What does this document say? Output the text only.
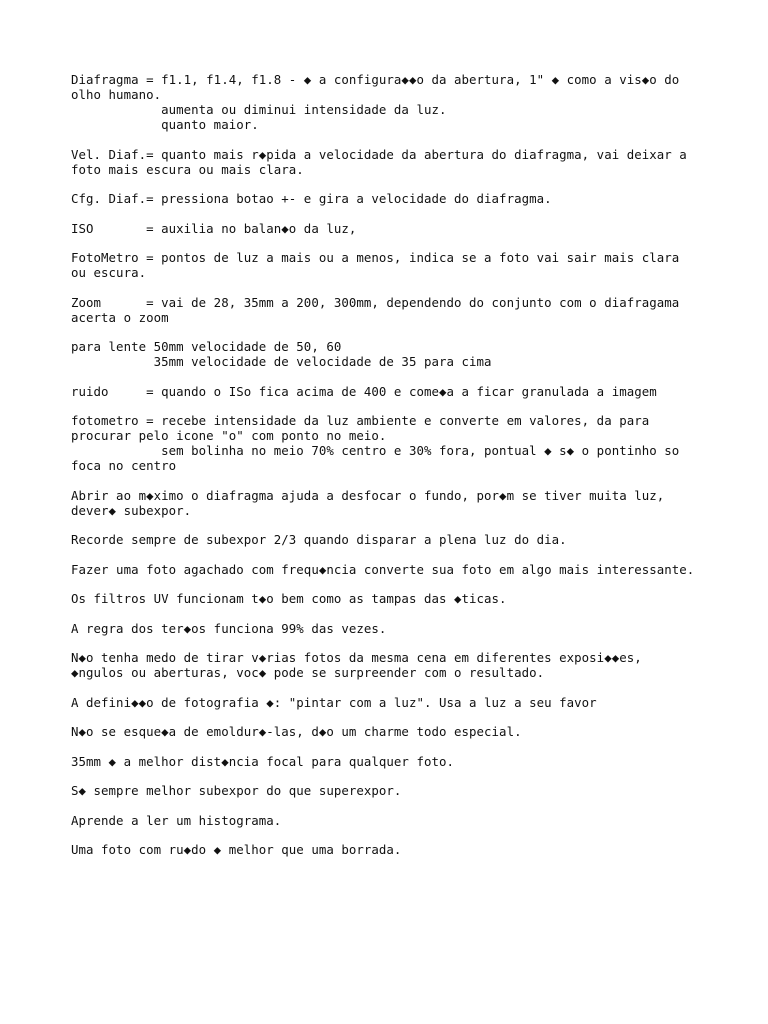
Diafragma = f1.1, f1.4, f1.8 - ◆ a configura◆◆o da abertura, 1" ◆ como a vis◆o do
olho humano.
aumenta ou diminui intensidade da luz.
quanto maior.
Vel. Diaf.= quanto mais r◆pida a velocidade da abertura do diafragma, vai deixar a
foto mais escura ou mais clara.
Cfg. Diaf.= pressiona botao +- e gira a velocidade do diafragma.
ISO       = auxilia no balan◆o da luz,
FotoMetro = pontos de luz a mais ou a menos, indica se a foto vai sair mais clara
ou escura.
Zoom      = vai de 28, 35mm a 200, 300mm, dependendo do conjunto com o diafragama
acerta o zoom
para lente 50mm velocidade de 50, 60
35mm velocidade de velocidade de 35 para cima
ruido     = quando o ISo fica acima de 400 e come◆a a ficar granulada a imagem
fotometro = recebe intensidade da luz ambiente e converte em valores, da para
procurar pelo icone "o" com ponto no meio.
sem bolinha no meio 70% centro e 30% fora, pontual ◆ s◆ o pontinho so
foca no centro
Abrir ao m◆ximo o diafragma ajuda a desfocar o fundo, por◆m se tiver muita luz,
dever◆ subexpor.
Recorde sempre de subexpor 2/3 quando disparar a plena luz do dia.
Fazer uma foto agachado com frequ◆ncia converte sua foto em algo mais interessante.
Os filtros UV funcionam t◆o bem como as tampas das ◆ticas.
A regra dos ter◆os funciona 99% das vezes.
N◆o tenha medo de tirar v◆rias fotos da mesma cena em diferentes exposi◆◆es,
◆ngulos ou aberturas, voc◆ pode se surpreender com o resultado.
A defini◆◆o de fotografia ◆: "pintar com a luz". Usa a luz a seu favor
N◆o se esque◆a de emoldur◆-las, d◆o um charme todo especial.
35mm ◆ a melhor dist◆ncia focal para qualquer foto.
S◆ sempre melhor subexpor do que superexpor.
Aprende a ler um histograma.
Uma foto com ru◆do ◆ melhor que uma borrada.
